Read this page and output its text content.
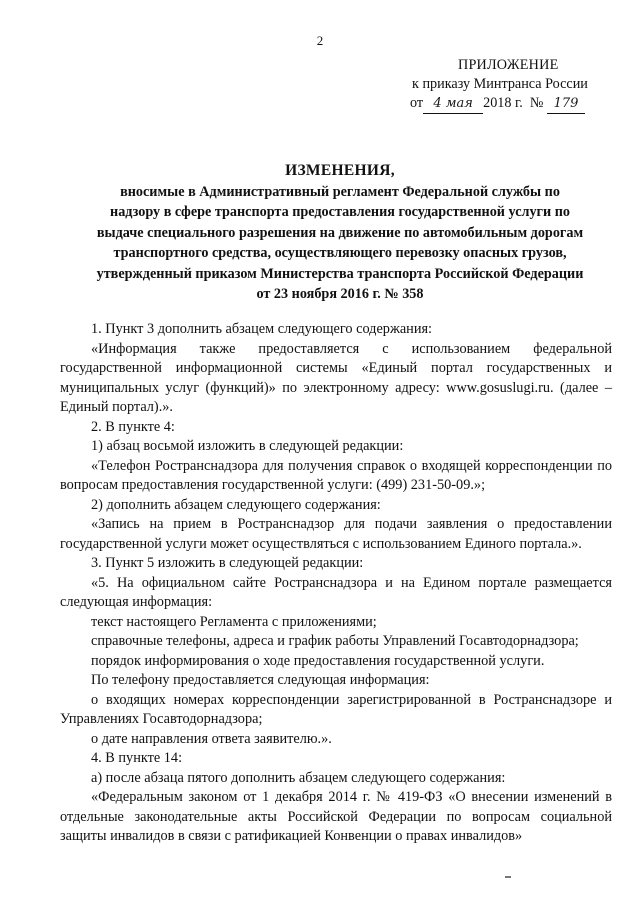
2
ПРИЛОЖЕНИЕ
к приказу Минтранса России
от 4 мая 2018 г. № 179
ИЗМЕНЕНИЯ,
вносимые в Административный регламент Федеральной службы по
надзору в сфере транспорта предоставления государственной услуги по
выдаче специального разрешения на движение по автомобильным дорогам
транспортного средства, осуществляющего перевозку опасных грузов,
утвержденный приказом Министерства транспорта Российской Федерации
от 23 ноября 2016 г. № 358

1. Пункт 3 дополнить абзацем следующего содержания:

«Информация также предоставляется с использованием федеральной государственной информационной системы «Единый портал государственных и муниципальных услуг (функций)» по электронному адресу: www.gosuslugi.ru. (далее – Единый портал).».

2. В пункте 4:

1) абзац восьмой изложить в следующей редакции:

«Телефон Ространснадзора для получения справок о входящей корреспонденции по вопросам предоставления государственной услуги: (499) 231-50-09.»;

2) дополнить абзацем следующего содержания:

«Запись на прием в Ространснадзор для подачи заявления о предоставлении государственной услуги может осуществляться с использованием Единого портала.».

3. Пункт 5 изложить в следующей редакции:

«5. На официальном сайте Ространснадзора и на Едином портале размещается следующая информация:

текст настоящего Регламента с приложениями;

справочные телефоны, адреса и график работы Управлений Госавтодорнадзора;

порядок информирования о ходе предоставления государственной услуги.

По телефону предоставляется следующая информация:

о входящих номерах корреспонденции зарегистрированной в Ространснадзоре и Управлениях Госавтодорнадзора;

о дате направления ответа заявителю.».

4. В пункте 14:

а) после абзаца пятого дополнить абзацем следующего содержания:

«Федеральным законом от 1 декабря 2014 г. № 419-ФЗ «О внесении изменений в отдельные законодательные акты Российской Федерации по вопросам социальной защиты инвалидов в связи с ратификацией Конвенции о правах инвалидов»
